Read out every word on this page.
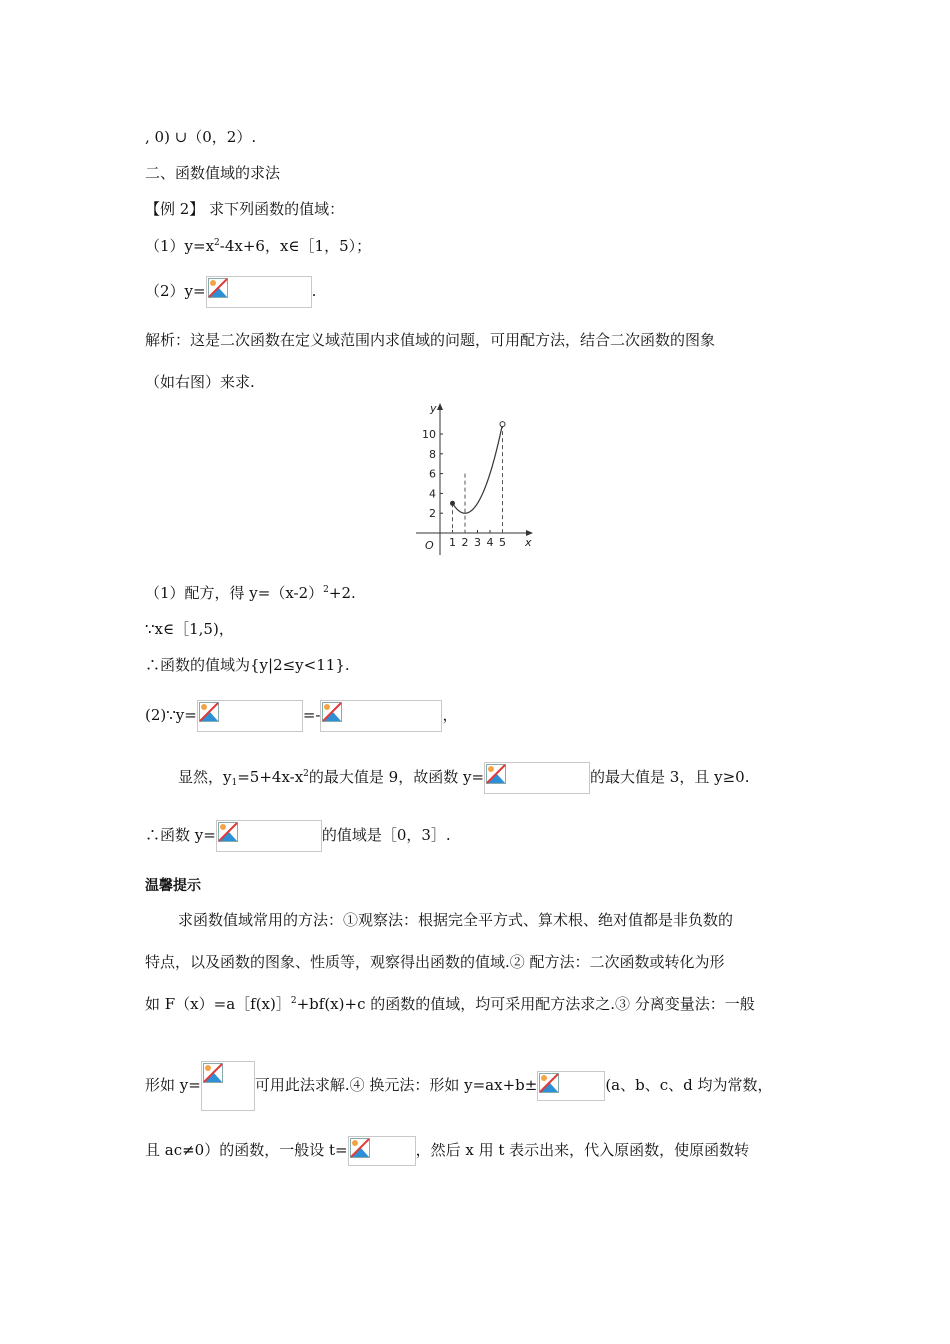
, 0) ∪（0，2）.
二、函数值域的求法
【例 2】 求下列函数的值域：
$(1)y=x^2-4x+6$，x∈［1，5）；
（2）y=	.
解析：这是二次函数在定义域范围内求值域的问题，可用配方法，结合二次函数的图象
（如右图）来求.
y
x
O
2
4
6
8
10
1 2 3 4 5
（1）配方，得 $y=(x-2)^2+2$.
∵x∈［1,5)，
∴函数的值域为{y|2≤y<11}.
(2)∵y=	=-	，
显然，$y_1=5+4x-x^2$的最大值是 9，故函数 y=	的最大值是 3，且 y≥0.
∴函数 y=	的值域是［0，3］.
温馨提示
求函数值域常用的方法：①观察法：根据完全平方式、算术根、绝对值都是非负数的
特点，以及函数的图象、性质等，观察得出函数的值域.② 配方法：二次函数或转化为形
如 F（x）=a［f(x)］$^2$+bf(x)+c 的函数的值域，均可采用配方法求之.③ 分离变量法：一般
形如 y=	可用此法求解.④ 换元法：形如 y=ax+b±	(a、b、c、d 均为常数，
且 ac≠0）的函数，一般设 t=	，然后 x 用 t 表示出来，代入原函数，使原函数转
